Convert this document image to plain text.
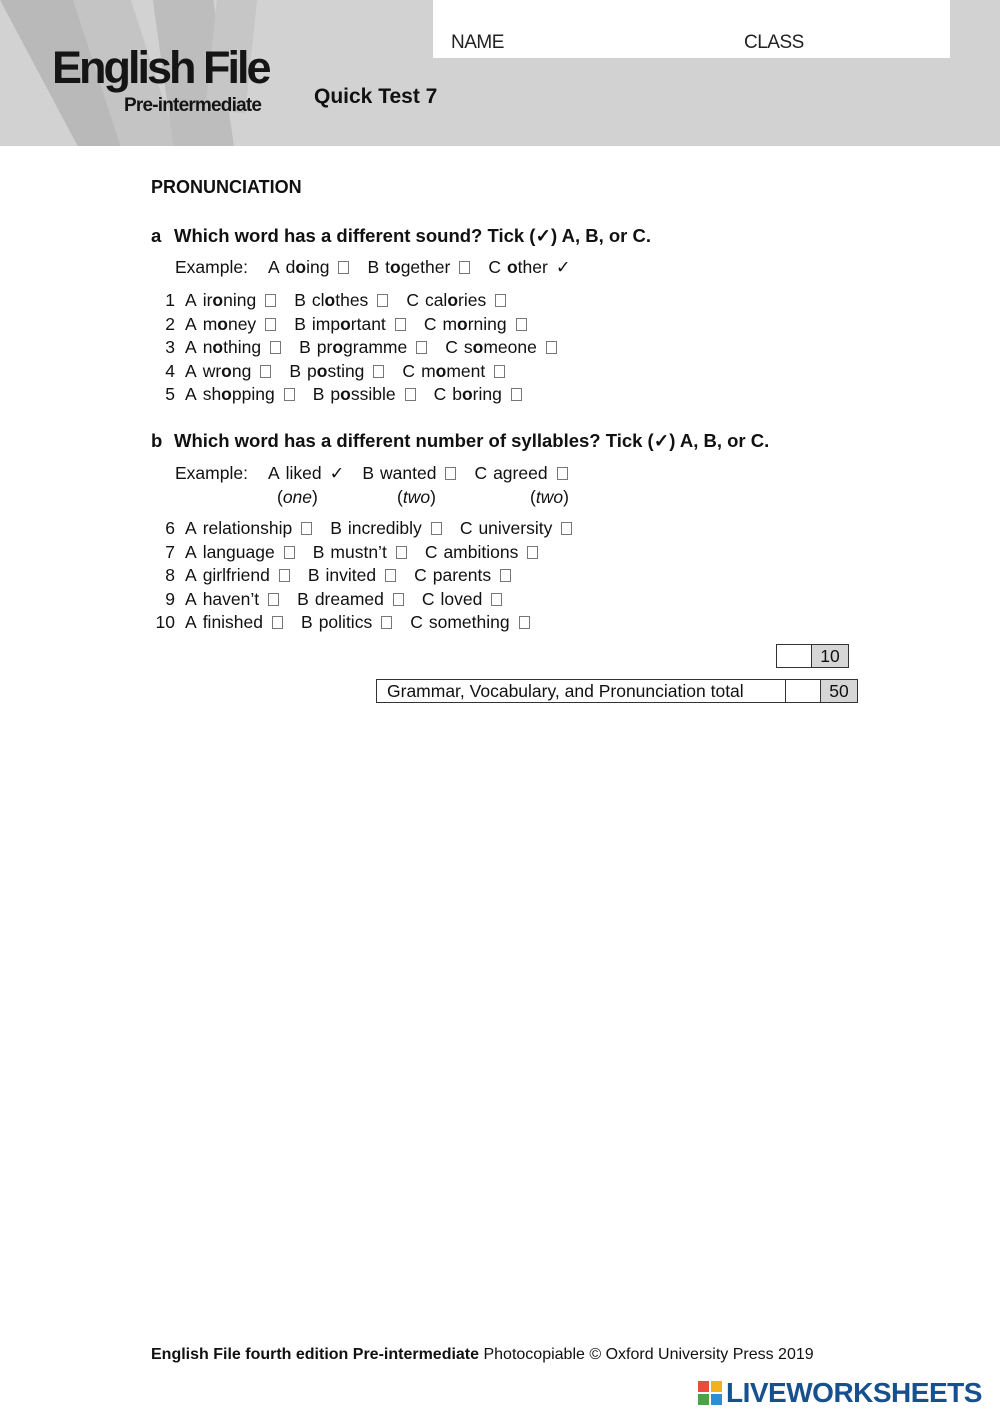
English File
Pre-intermediate	Quick Test 7
NAME	CLASS
PRONUNCIATION
a Which word has a different sound? Tick (✓) A, B, or C.
Example: A doing B together C other ✓
1 A ironing B clothes C calories
2 A money B important C morning
3 A nothing B programme C someone
4 A wrong B posting C moment
5 A shopping B possible C boring
b Which word has a different number of syllables? Tick (✓) A, B, or C.
Example: A liked ✓ B wanted C agreed
(one)	(two)	(two)
6 A relationship B incredibly C university
7 A language B mustn’t C ambitions
8 A girlfriend B invited C parents
9 A haven’t B dreamed C loved
10 A finished B politics C something
	10
Grammar, Vocabulary, and Pronunciation total		50
English File fourth edition Pre-intermediate Photocopiable © Oxford University Press 2019
LIVEWORKSHEETS
